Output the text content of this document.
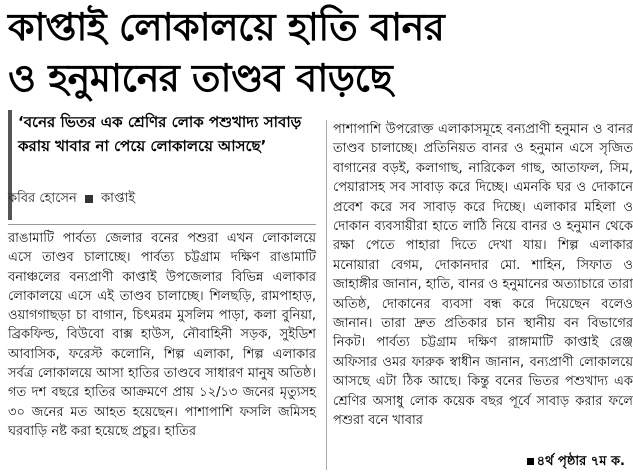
কাপ্তাই লোকালয়ে হাতি বানর
ও হনুমানের তাণ্ডব বাড়ছে

‘বনের ভিতর এক শ্রেণির লোক পশুখাদ্য সাবাড় করায় খাবার না পেয়ে লোকালয়ে আসছে’

কবির হোসেন কাপ্তাই

রাঙামাটি পার্বত্য জেলার বনের পশুরা এখন লোকালয়ে এসে তাণ্ডব চালাচ্ছে। পার্বত্য চট্টগ্রাম দক্ষিণ রাঙামাটি বনাঞ্চলের বন্যপ্রাণী কাপ্তাই উপজেলার বিভিন্ন এলাকার লোকালয়ে এসে এই তাণ্ডব চালাচ্ছে। শিলছড়ি, রামপাহাড়, ওয়াগগাছড়া চা বাগান, চিৎমরম মুসলিম পাড়া, কলা বুনিয়া, ব্রিকফিল্ড, বিউবো বাক্স হাউস, নৌবাহিনী সড়ক, সুইডিশ আবাসিক, ফরেস্ট কলোনি, শিল্প এলাকা, শিল্প এলাকার সর্বত্র লোকালয়ে আসা হাতির তাণ্ডবে সাধারণ মানুষ অতিষ্ঠ। গত দশ বছরে হাতির আক্রমণে প্রায় ১২/১৩ জনের মৃত্যুসহ ৩০ জনের মত আহত হয়েছেন। পাশাপাশি ফসলি জমিসহ ঘরবাড়ি নষ্ট করা হয়েছে প্রচুর। হাতির

পাশাপাশি উপরোক্ত এলাকাসমূহে বন্যপ্রাণী হনুমান ও বানর তাণ্ডব চালাচ্ছে। প্রতিনিয়ত বানর ও হনুমান এসে সৃজিত বাগানের বড়ই, কলাগাছ, নারিকেল গাছ, আতাফল, সিম, পেয়ারাসহ সব সাবাড় করে দিচ্ছে। এমনকি ঘর ও দোকানে প্রবেশ করে সব সাবাড় করে দিচ্ছে। এলাকার মহিলা ও দোকান ব্যবসায়ীরা হাতে লাঠি নিয়ে বানর ও হনুমান থেকে রক্ষা পেতে পাহারা দিতে দেখা যায়। শিল্প এলাকার মনোয়ারা বেগম, দোকানদার মো. শাহিন, সিফাত ও জাহাঙ্গীর জানান, হাতি, বানর ও হনুমানের অত্যাচারে তারা অতিষ্ঠ, দোকানের ব্যবসা বন্ধ করে দিয়েছেন বলেও জানান। তারা দ্রুত প্রতিকার চান স্থানীয় বন বিভাগের নিকট। পার্বত্য চট্টগ্রাম দক্ষিণ রাঙ্গামাটি কাপ্তাই রেঞ্জ অফিসার ওমর ফারুক স্বাধীন জানান, বন্যপ্রাণী লোকালয়ে আসছে এটা ঠিক আছে। কিন্তু বনের ভিতর পশুখাদ্য এক শ্রেণির অসাধু লোক কয়েক বছর পূর্বে সাবাড় করার ফলে পশুরা বনে খাবার

৪র্থ পৃষ্ঠার ৭ম ক.
